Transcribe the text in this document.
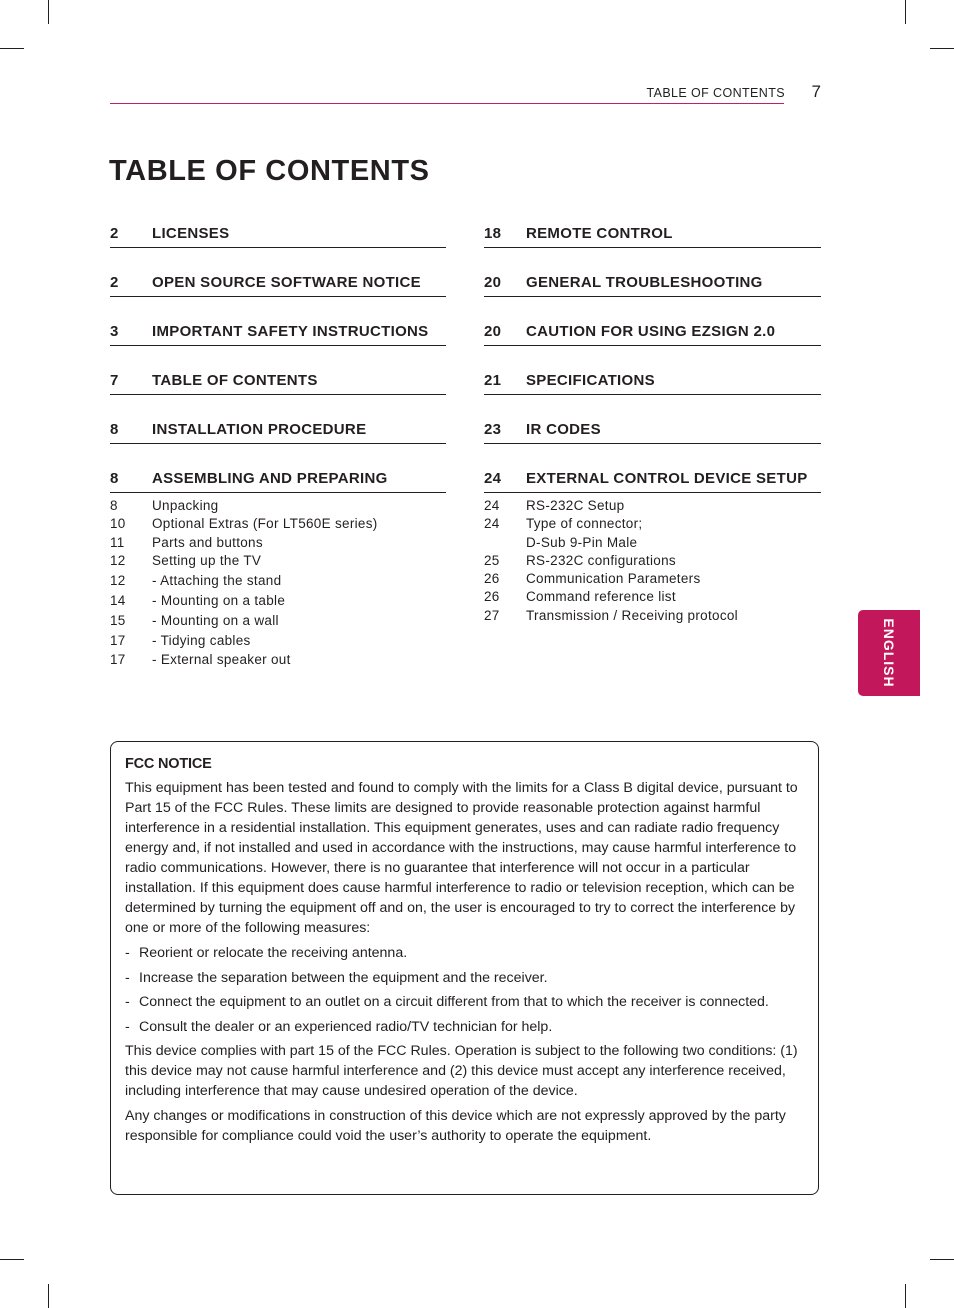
TABLE OF CONTENTS 7
TABLE OF CONTENTS
2 LICENSES
2 OPEN SOURCE SOFTWARE NOTICE
3 IMPORTANT SAFETY INSTRUCTIONS
7 TABLE OF CONTENTS
8 INSTALLATION PROCEDURE
8 ASSEMBLING AND PREPARING
8	Unpacking
10 Optional Extras (For LT560E series)
11 Parts and buttons
12 Setting up the TV
12 - Attaching the stand
14 - Mounting on a table
15 - Mounting on a wall
17 - Tidying cables
17 - External speaker out
18 REMOTE CONTROL
20 GENERAL TROUBLESHOOTING
20 CAUTION FOR USING EZSIGN 2.0
21 SPECIFICATIONS
23 IR CODES
24 EXTERNAL CONTROL DEVICE SETUP
24 RS-232C Setup
24 Type of connector;
D-Sub 9-Pin Male
25 RS-232C configurations
26 Communication Parameters
26 Command reference list
27 Transmission / Receiving protocol
ENGLISH

FCC NOTICE

This equipment has been tested and found to comply with the limits for a Class B digital device, pursuant to Part 15 of the FCC Rules. These limits are designed to provide reasonable protection against harmful interference in a residential installation. This equipment generates, uses and can radiate radio frequency energy and, if not installed and used in accordance with the instructions, may cause harmful interference to radio communications. However, there is no guarantee that interference will not occur in a particular installation. If this equipment does cause harmful interference to radio or television reception, which can be determined by turning the equipment off and on, the user is encouraged to try to correct the interference by one or more of the following measures:

- Reorient or relocate the receiving antenna.
- Increase the separation between the equipment and the receiver.
- Connect the equipment to an outlet on a circuit different from that to which the receiver is connected.
- Consult the dealer or an experienced radio/TV technician for help.

This device complies with part 15 of the FCC Rules. Operation is subject to the following two conditions: (1) this device may not cause harmful interference and (2) this device must accept any interference received, including interference that may cause undesired operation of the device.

Any changes or modifications in construction of this device which are not expressly approved by the party responsible for compliance could void the user’s authority to operate the equipment.
